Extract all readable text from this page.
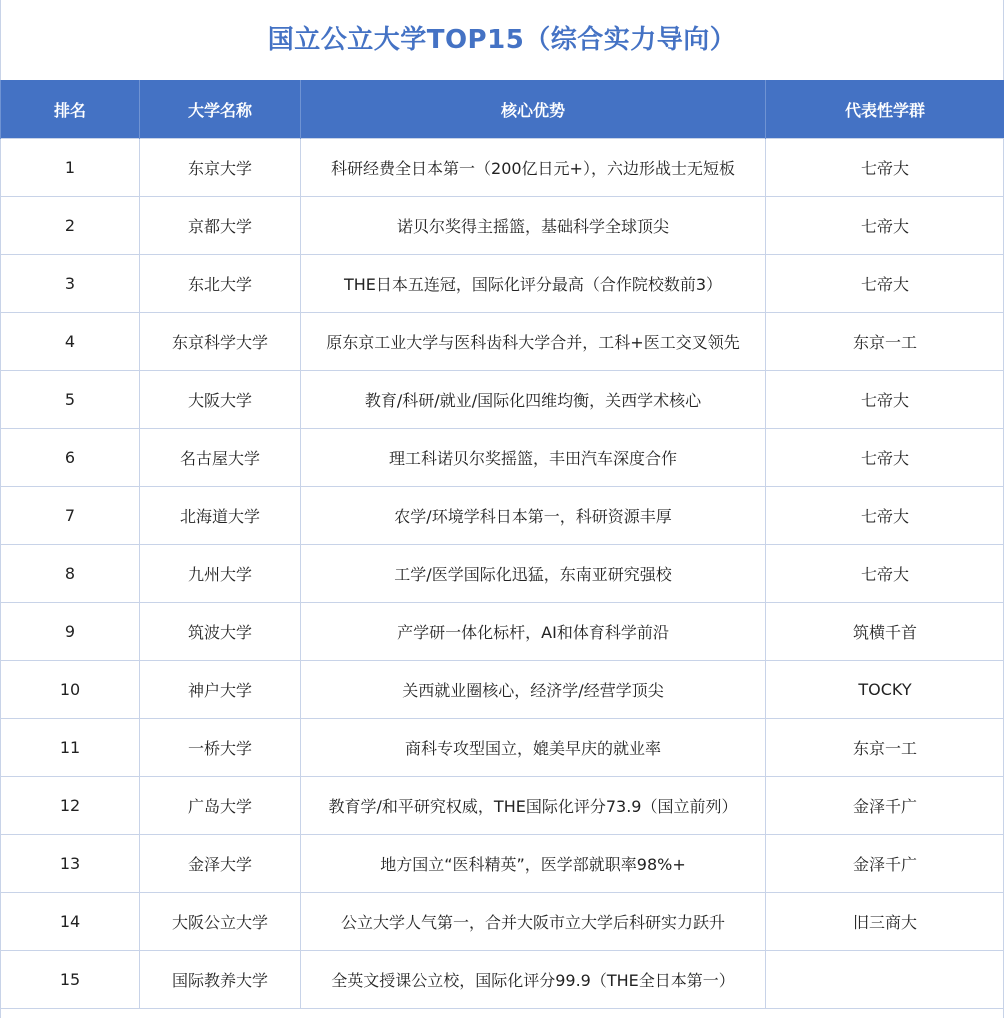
国立公立大学TOP15（综合实力导向）
排名	大学名称	核心优势	代表性学群
1	东京大学	科研经费全日本第一（200亿日元+），六边形战士无短板	七帝大
2	京都大学	诺贝尔奖得主摇篮，基础科学全球顶尖	七帝大
3	东北大学	THE日本五连冠，国际化评分最高（合作院校数前3）	七帝大
4	东京科学大学	原东京工业大学与医科齿科大学合并，工科+医工交叉领先	东京一工
5	大阪大学	教育/科研/就业/国际化四维均衡，关西学术核心	七帝大
6	名古屋大学	理工科诺贝尔奖摇篮，丰田汽车深度合作	七帝大
7	北海道大学	农学/环境学科日本第一，科研资源丰厚	七帝大
8	九州大学	工学/医学国际化迅猛，东南亚研究强校	七帝大
9	筑波大学	产学研一体化标杆，AI和体育科学前沿	筑横千首
10	神户大学	关西就业圈核心，经济学/经营学顶尖	TOCKY
11	一桥大学	商科专攻型国立，媲美早庆的就业率	东京一工
12	广岛大学	教育学/和平研究权威，THE国际化评分73.9（国立前列）	金泽千广
13	金泽大学	地方国立“医科精英”，医学部就职率98%+	金泽千广
14	大阪公立大学	公立大学人气第一，合并大阪市立大学后科研实力跃升	旧三商大
15	国际教养大学	全英文授课公立校，国际化评分99.9（THE全日本第一）	
